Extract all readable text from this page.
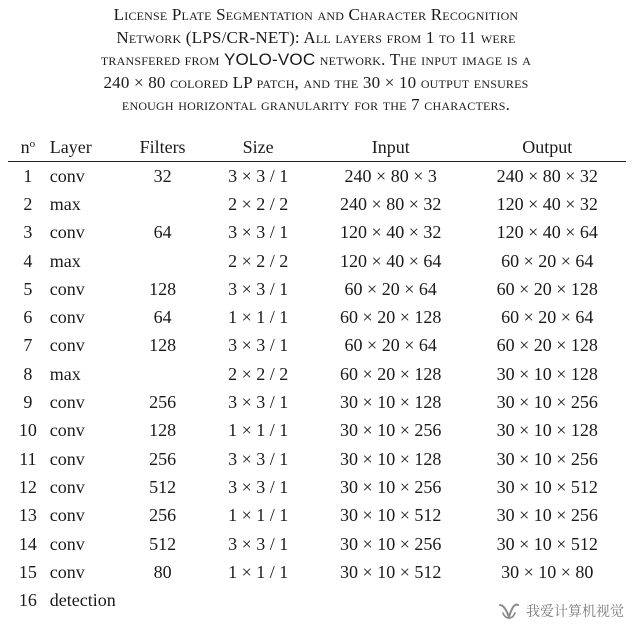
License Plate Segmentation and Character Recognition
Network (LPS/CR-NET): All layers from 1 to 11 were
transfered from YOLO-VOC network. The input image is a
240 × 80 colored LP patch, and the 30 × 10 output ensures
enough horizontal granularity for the 7 characters.
$n^o$	Layer	Filters	Size	Input	Output
1	conv	32	3 × 3 / 1	240 × 80 × 3	240 × 80 × 32
2	max		2 × 2 / 2	240 × 80 × 32	120 × 40 × 32
3	conv	64	3 × 3 / 1	120 × 40 × 32	120 × 40 × 64
4	max		2 × 2 / 2	120 × 40 × 64	60 × 20 × 64
5	conv	128	3 × 3 / 1	60 × 20 × 64	60 × 20 × 128
6	conv	64	1 × 1 / 1	60 × 20 × 128	60 × 20 × 64
7	conv	128	3 × 3 / 1	60 × 20 × 64	60 × 20 × 128
8	max		2 × 2 / 2	60 × 20 × 128	30 × 10 × 128
9	conv	256	3 × 3 / 1	30 × 10 × 128	30 × 10 × 256
10	conv	128	1 × 1 / 1	30 × 10 × 256	30 × 10 × 128
11	conv	256	3 × 3 / 1	30 × 10 × 128	30 × 10 × 256
12	conv	512	3 × 3 / 1	30 × 10 × 256	30 × 10 × 512
13	conv	256	1 × 1 / 1	30 × 10 × 512	30 × 10 × 256
14	conv	512	3 × 3 / 1	30 × 10 × 256	30 × 10 × 512
15	conv	80	1 × 1 / 1	30 × 10 × 512	30 × 10 × 80
16	detection				
我爱计算机视觉
